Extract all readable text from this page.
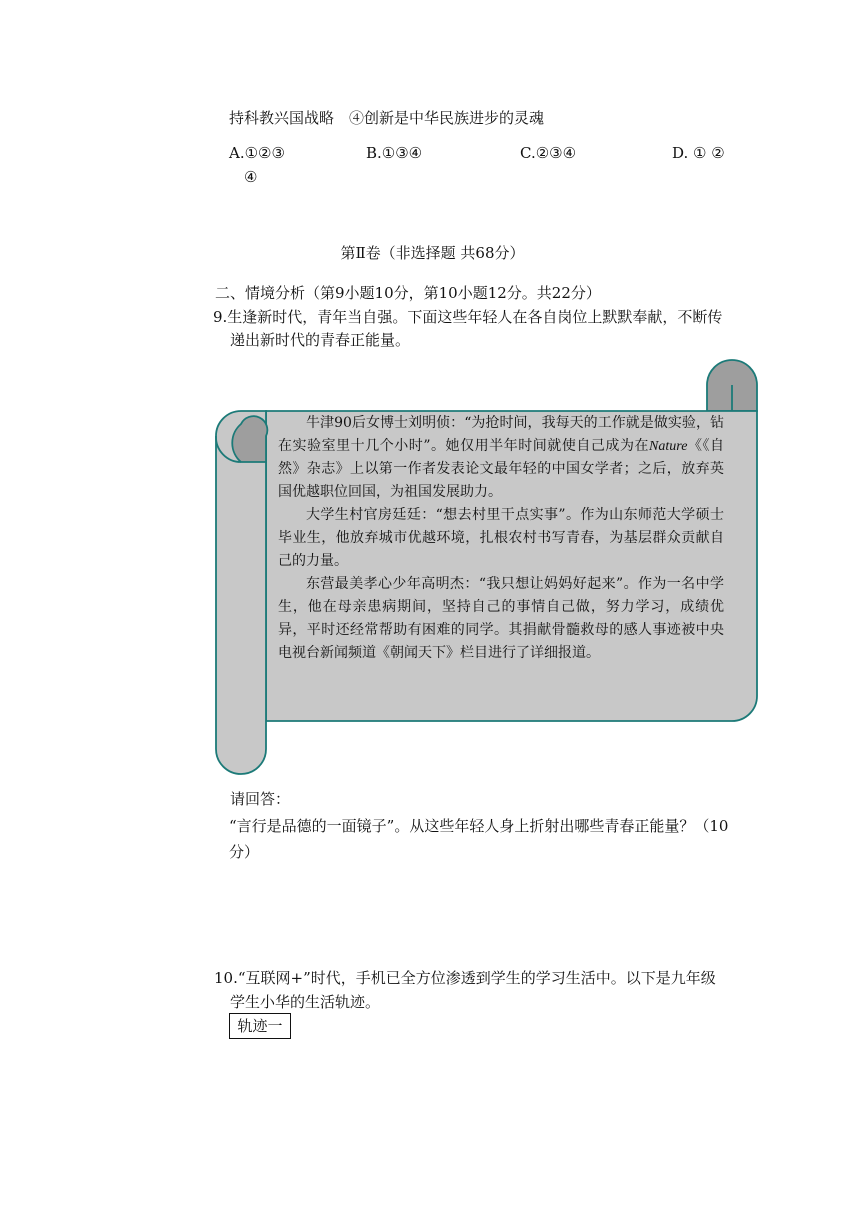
持科教兴国战略　④创新是中华民族进步的灵魂
A.①②③	B.①③④	C.②③④	D. ① ②
④
第Ⅱ卷（非选择题 共68分）
二、情境分析（第9小题10分，第10小题12分。共22分）
9.生逢新时代，青年当自强。下面这些年轻人在各自岗位上默默奉献，不断传
递出新时代的青春正能量。

牛津90后女博士刘明侦：“为抢时间，我每天的工作就是做实验，钻在实验室里十几个小时”。她仅用半年时间就使自己成为在Nature《《自然》杂志》上以第一作者发表论文最年轻的中国女学者；之后，放弃英国优越职位回国，为祖国发展助力。

大学生村官房廷廷：“想去村里干点实事”。作为山东师范大学硕士毕业生，他放弃城市优越环境，扎根农村书写青春，为基层群众贡献自己的力量。

东营最美孝心少年高明杰：“我只想让妈妈好起来”。作为一名中学生，他在母亲患病期间，坚持自己的事情自己做，努力学习，成绩优异，平时还经常帮助有困难的同学。其捐献骨髓救母的感人事迹被中央电视台新闻频道《朝闻天下》栏目进行了详细报道。

请回答：
“言行是品德的一面镜子”。从这些年轻人身上折射出哪些青春正能量？（10
分）
10.“互联网+”时代，手机已全方位渗透到学生的学习生活中。以下是九年级
学生小华的生活轨迹。
轨迹一
